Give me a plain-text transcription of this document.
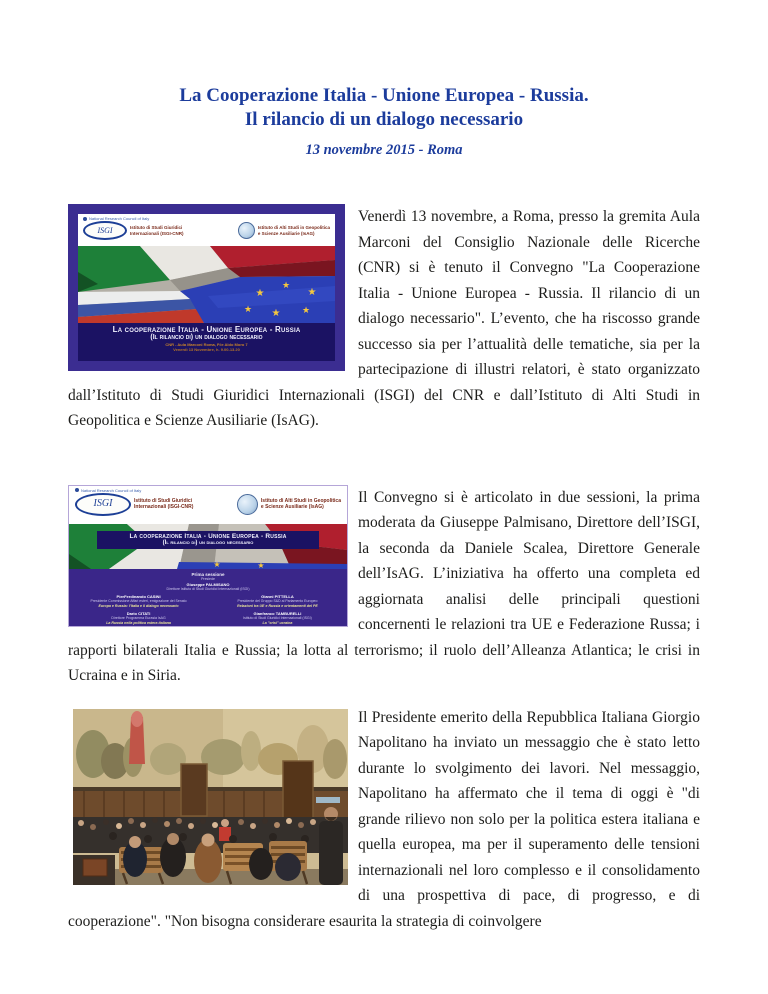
La Cooperazione Italia - Unione Europea - Russia.
Il rilancio di un dialogo necessario
13 novembre 2015 - Roma
National Research Council of Italy
ISGI	Istituto di Studi Giuridici
Internazionali (ISGI-CNR)
Istituto di Alti Studi in Geopolitica
e Scienze Ausiliarie (IsAG)
★
★
★
★ ★ ★
La cooperazione Italia - Unione Europea - Russia
(Il rilancio di) un dialogo necessario
CNR - Aula Marconi Roma, P.le Aldo Moro 7
Venerdì 13 Novembre, h. 9.00-13.20
Venerdì 13 novembre, a Roma, presso la gremita Aula Marconi del Consiglio Nazionale delle Ricerche (CNR) si è tenuto il Convegno "La Cooperazione Italia - Unione Europea - Russia. Il rilancio di un dialogo necessario". L’evento, che ha riscosso grande successo sia per l’attualità delle tematiche, sia per la partecipazione di illustri relatori, è stato organizzato dall’Istituto di Studi Giuridici Internazionali (ISGI) del CNR e dall’Istituto di Alti Studi in Geopolitica e Scienze Ausiliarie (IsAG).
National Research Council of Italy
ISGI	Istituto di Studi Giuridici
Internazionali (ISGI-CNR)
Istituto di Alti Studi in Geopolitica
e Scienze Ausiliarie (IsAG)
★	★
La cooperazione Italia - Unione Europea - Russia
(Il rilancio di) un dialogo necessario
Prima sessione
Presiede
Giuseppe PALMISANO
Direttore Istituto di Studi Giuridici Internazionali (ISGI)
PierFerdinando CASINI
Presidente Commissione Affari esteri, emigrazione del Senato
Europa e Russia: l’Italia e il dialogo necessario
Dario CITATI
Direttore Programma Eurasia IsAG
La Russia nella politica estera italiana
Gianni PITTELLA
Presidente del Gruppo S&D al Parlamento Europeo
Relazioni tra UE e Russia e orientamenti del PE
Gianfranco TAMBURELLI
Istituto di Studi Giuridici Internazionali (ISGI)
La "crisi" ucraina
Il Convegno si è articolato in due sessioni, la prima moderata da Giuseppe Palmisano, Direttore dell’ISGI, la seconda da Daniele Scalea, Direttore Generale dell’IsAG. L’iniziativa ha offerto una completa ed aggiornata analisi delle principali questioni concernenti le relazioni tra UE e Federazione Russa; i rapporti bilaterali Italia e Russia; la lotta al terrorismo; il ruolo dell’Alleanza Atlantica; le crisi in Ucraina e in Siria.
Il Presidente emerito della Repubblica Italiana Giorgio Napolitano ha inviato un messaggio che è stato letto durante lo svolgimento dei lavori. Nel messaggio, Napolitano ha affermato che il tema di oggi è "di grande rilievo non solo per la politica estera italiana e quella europea, ma per il superamento delle tensioni internazionali nel loro complesso e il consolidamento di una prospettiva di pace, di progresso, e di cooperazione". "Non bisogna considerare esaurita la strategia di coinvolgere
